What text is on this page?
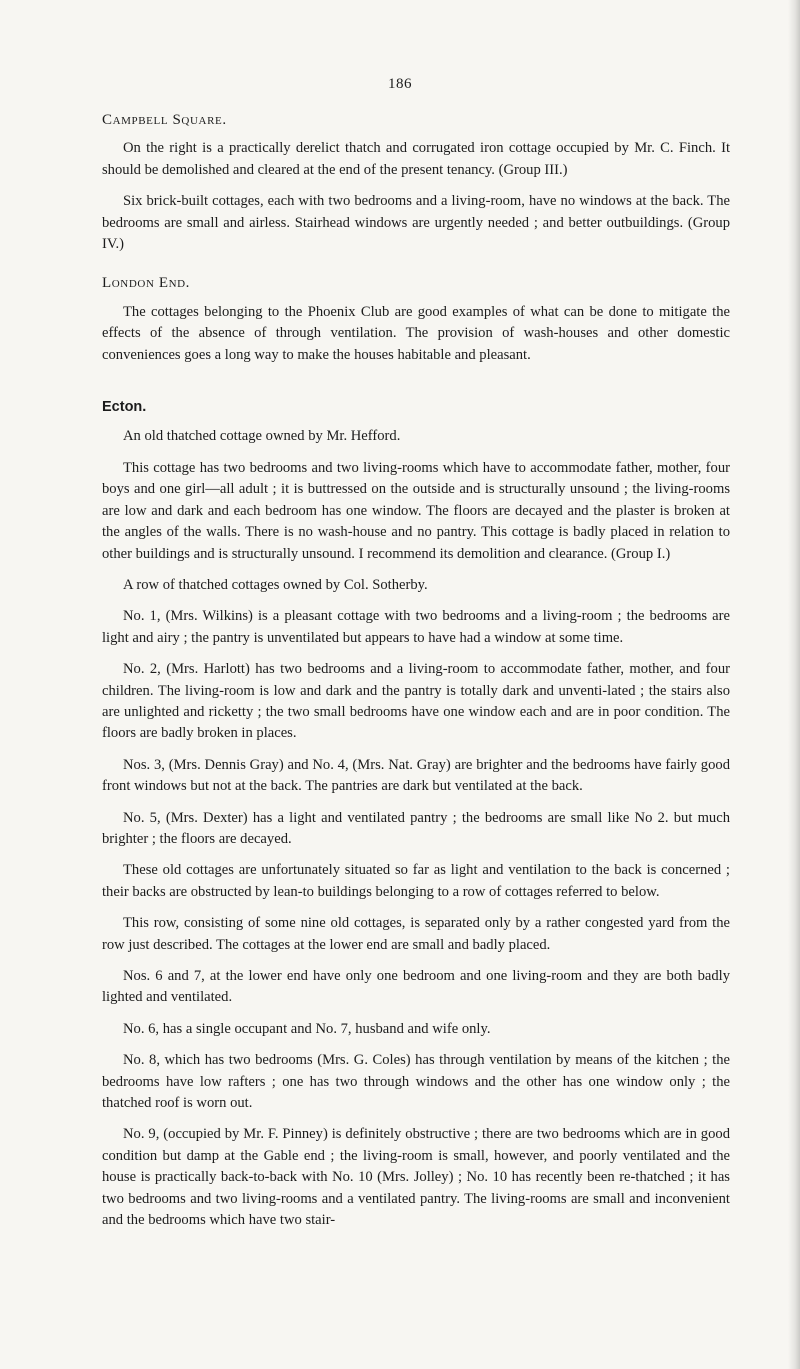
186
Campbell Square.

On the right is a practically derelict thatch and corrugated iron cottage occupied by Mr. C. Finch. It should be demolished and cleared at the end of the present tenancy. (Group III.)

Six brick-built cottages, each with two bedrooms and a living-room, have no windows at the back. The bedrooms are small and airless. Stairhead windows are urgently needed ; and better outbuildings. (Group IV.)

London End.

The cottages belonging to the Phoenix Club are good examples of what can be done to mitigate the effects of the absence of through ventilation. The provision of wash-houses and other domestic conveniences goes a long way to make the houses habitable and pleasant.

Ecton.

An old thatched cottage owned by Mr. Hefford.

This cottage has two bedrooms and two living-rooms which have to accommodate father, mother, four boys and one girl—all adult ; it is buttressed on the outside and is structurally unsound ; the living-rooms are low and dark and each bedroom has one window. The floors are decayed and the plaster is broken at the angles of the walls. There is no wash-house and no pantry. This cottage is badly placed in relation to other buildings and is structurally unsound. I recommend its demolition and clearance. (Group I.)

A row of thatched cottages owned by Col. Sotherby.

No. 1, (Mrs. Wilkins) is a pleasant cottage with two bedrooms and a living-room ; the bedrooms are light and airy ; the pantry is unventilated but appears to have had a window at some time.

No. 2, (Mrs. Harlott) has two bedrooms and a living-room to accommodate father, mother, and four children. The living-room is low and dark and the pantry is totally dark and unventi-lated ; the stairs also are unlighted and ricketty ; the two small bedrooms have one window each and are in poor condition. The floors are badly broken in places.

Nos. 3, (Mrs. Dennis Gray) and No. 4, (Mrs. Nat. Gray) are brighter and the bedrooms have fairly good front windows but not at the back. The pantries are dark but ventilated at the back.

No. 5, (Mrs. Dexter) has a light and ventilated pantry ; the bedrooms are small like No 2. but much brighter ; the floors are decayed.

These old cottages are unfortunately situated so far as light and ventilation to the back is concerned ; their backs are obstructed by lean-to buildings belonging to a row of cottages referred to below.

This row, consisting of some nine old cottages, is separated only by a rather congested yard from the row just described. The cottages at the lower end are small and badly placed.

Nos. 6 and 7, at the lower end have only one bedroom and one living-room and they are both badly lighted and ventilated.

No. 6, has a single occupant and No. 7, husband and wife only.

No. 8, which has two bedrooms (Mrs. G. Coles) has through ventilation by means of the kitchen ; the bedrooms have low rafters ; one has two through windows and the other has one window only ; the thatched roof is worn out.

No. 9, (occupied by Mr. F. Pinney) is definitely obstructive ; there are two bedrooms which are in good condition but damp at the Gable end ; the living-room is small, however, and poorly ventilated and the house is practically back-to-back with No. 10 (Mrs. Jolley) ; No. 10 has recently been re-thatched ; it has two bedrooms and two living-rooms and a ventilated pantry. The living-rooms are small and inconvenient and the bedrooms which have two stair-
